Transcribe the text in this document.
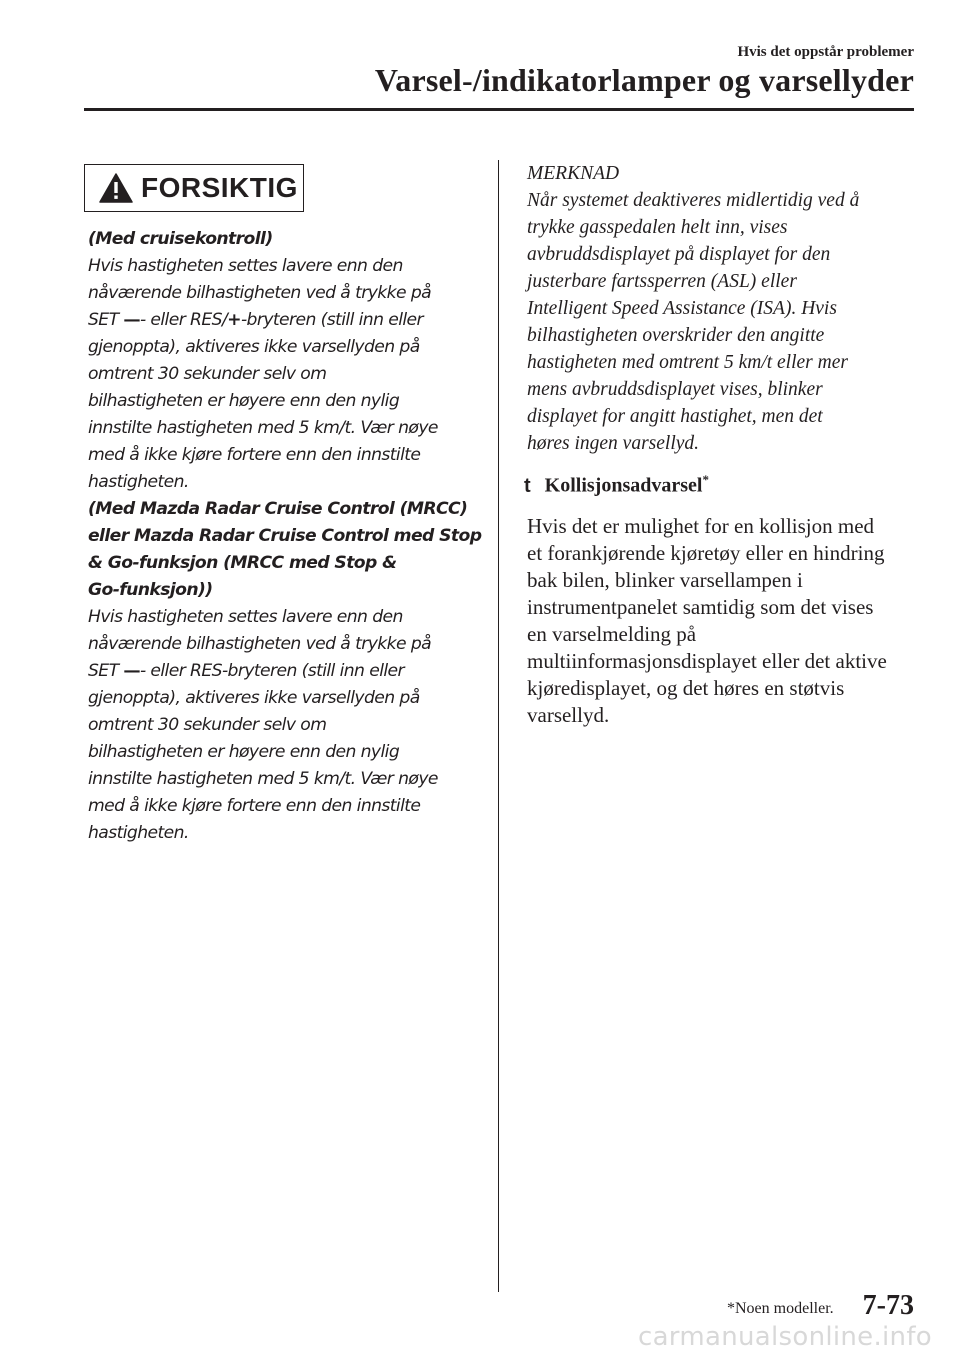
Hvis det oppstår problemer
Varsel-/indikatorlamper og varsellyder
FORSIKTIG
(Med cruisekontroll)
Hvis hastigheten settes lavere enn den
nåværende bilhastigheten ved å trykke på
SET —- eller RES/+-bryteren (still inn eller
gjenoppta), aktiveres ikke varsellyden på
omtrent 30 sekunder selv om
bilhastigheten er høyere enn den nylig
innstilte hastigheten med 5 km/t. Vær nøye
med å ikke kjøre fortere enn den innstilte
hastigheten.
(Med Mazda Radar Cruise Control (MRCC)
eller Mazda Radar Cruise Control med Stop
& Go-funksjon (MRCC med Stop &
Go-funksjon))
Hvis hastigheten settes lavere enn den
nåværende bilhastigheten ved å trykke på
SET —- eller RES-bryteren (still inn eller
gjenoppta), aktiveres ikke varsellyden på
omtrent 30 sekunder selv om
bilhastigheten er høyere enn den nylig
innstilte hastigheten med 5 km/t. Vær nøye
med å ikke kjøre fortere enn den innstilte
hastigheten.
MERKNAD
Når systemet deaktiveres midlertidig ved å
trykke gasspedalen helt inn, vises
avbruddsdisplayet på displayet for den
justerbare fartssperren (ASL) eller
Intelligent Speed Assistance (ISA). Hvis
bilhastigheten overskrider den angitte
hastigheten med omtrent 5 km/t eller mer
mens avbruddsdisplayet vises, blinker
displayet for angitt hastighet, men det
høres ingen varsellyd.
t Kollisjonsadvarsel*
Hvis det er mulighet for en kollisjon med
et forankjørende kjøretøy eller en hindring
bak bilen, blinker varsellampen i
instrumentpanelet samtidig som det vises
en varselmelding på
multiinformasjonsdisplayet eller det aktive
kjøredisplayet, og det høres en støtvis
varsellyd.
*Noen modeller. 7-73
carmanualsonline.info
